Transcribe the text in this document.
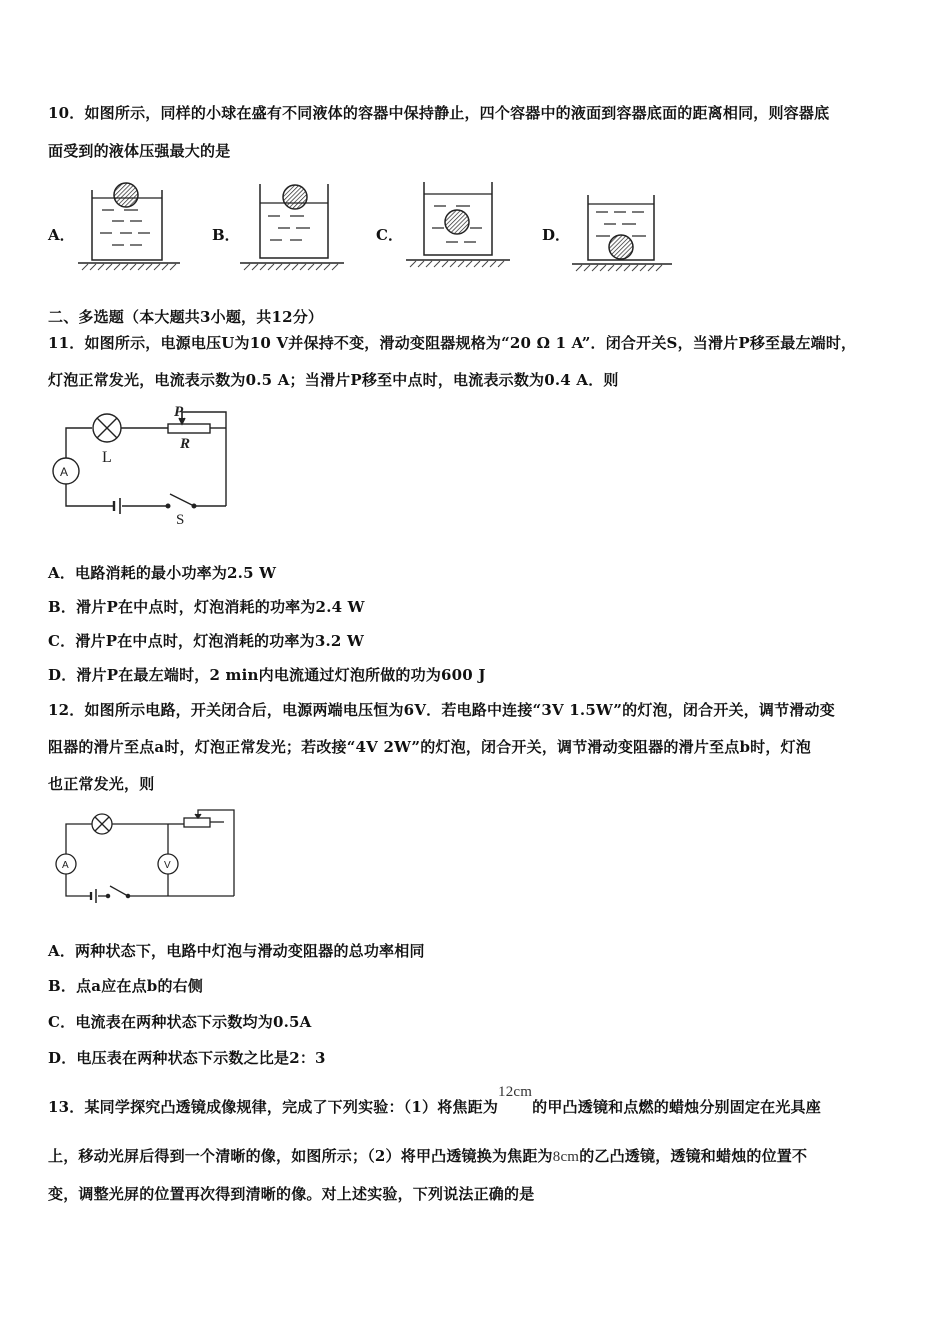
10．如图所示，同样的小球在盛有不同液体的容器中保持静止，四个容器中的液面到容器底面的距离相同，则容器底
面受到的液体压强最大的是
A．	B．	C．	D．
二、多选题（本大题共3小题，共12分）
11．如图所示，电源电压U为10 V并保持不变，滑动变阻器规格为“20 Ω 1 A”．闭合开关S，当滑片P移至最左端时，
灯泡正常发光，电流表示数为0.5 A；当滑片P移至中点时，电流表示数为0.4 A．则
P
R
L
A
S
A．电路消耗的最小功率为2.5 W
B．滑片P在中点时，灯泡消耗的功率为2.4 W
C．滑片P在中点时，灯泡消耗的功率为3.2 W
D．滑片P在最左端时，2 min内电流通过灯泡所做的功为600 J
12．如图所示电路，开关闭合后，电源两端电压恒为6V．若电路中连接“3V 1.5W”的灯泡，闭合开关，调节滑动变
阻器的滑片至点a时，灯泡正常发光；若改接“4V 2W”的灯泡，闭合开关，调节滑动变阻器的滑片至点b时，灯泡
也正常发光，则
A	V
A．两种状态下，电路中灯泡与滑动变阻器的总功率相同
B．点a应在点b的右侧
C．电流表在两种状态下示数均为0.5A
D．电压表在两种状态下示数之比是2：3
13．某同学探究凸透镜成像规律，完成了下列实验：（1）将焦距为12cm的甲凸透镜和点燃的蜡烛分别固定在光具座
上，移动光屏后得到一个清晰的像，如图所示；（2）将甲凸透镜换为焦距为8cm的乙凸透镜，透镜和蜡烛的位置不
变，调整光屏的位置再次得到清晰的像。对上述实验，下列说法正确的是
